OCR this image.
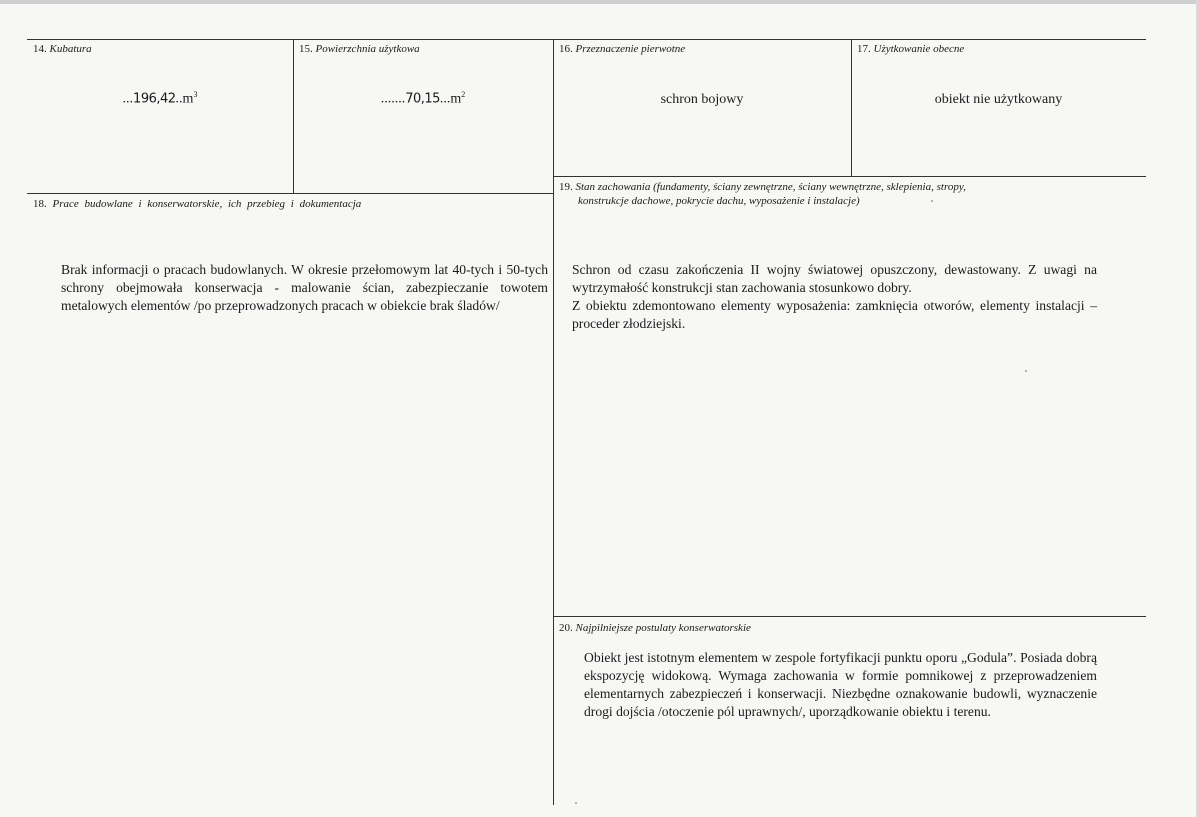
14. Kubatura
$...196,42..m^3$
15. Powierzchnia użytkowa
$.......70,15...m^2$
16. Przeznaczenie pierwotne
schron bojowy
17. Użytkowanie obecne
obiekt nie użytkowany
18. Prace budowlane i konserwatorskie, ich przebieg i dokumentacja

Brak informacji o pracach budowlanych. W okresie przełomowym lat 40-tych i 50-tych schrony obejmowała konserwacja - malowanie ścian, zabezpieczanie towotem metalowych elementów /po przeprowadzonych pracach w obiekcie brak śladów/

19. Stan zachowania (fundamenty, ściany zewnętrzne, ściany wewnętrzne, sklepienia, stropy,
konstrukcje dachowe, pokrycie dachu, wyposażenie i instalacje)

Schron od czasu zakończenia II wojny światowej opuszczony, dewastowany. Z uwagi na wytrzymałość konstrukcji stan zachowania stosunkowo dobry.

Z obiektu zdemontowano elementy wyposażenia: zamknięcia otworów, elementy instalacji – proceder złodziejski.

20. Najpilniejsze postulaty konserwatorskie

Obiekt jest istotnym elementem w zespole fortyfikacji punktu oporu „Godula”. Posiada dobrą ekspozycję widokową. Wymaga zachowania w formie pomnikowej z przeprowadzeniem elementarnych zabezpieczeń i konserwacji. Niezbędne oznakowanie budowli, wyznaczenie drogi dojścia /otoczenie pól uprawnych/, uporządkowanie obiektu i terenu.
